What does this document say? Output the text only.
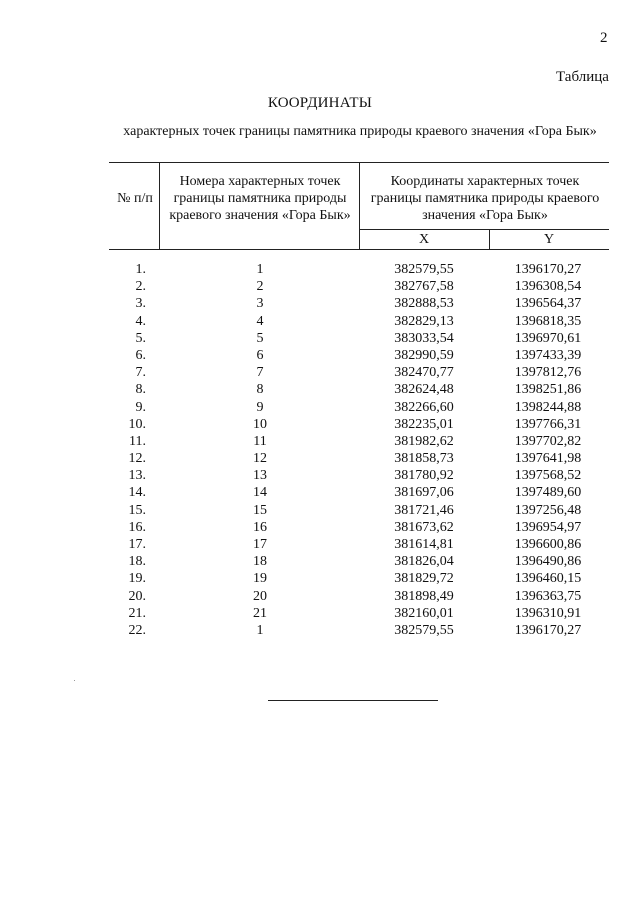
2
Таблица
КООРДИНАТЫ
характерных точек границы памятника природы краевого значения «Гора Бык»
№ п/п
Номера характерных точек границы памятника природы краевого значения «Гора Бык»
Координаты характерных точек границы памятника природы краевого значения «Гора Бык»
X	Y
1.	1	382579,55	1396170,27
2.	2	382767,58	1396308,54
3.	3	382888,53	1396564,37
4.	4	382829,13	1396818,35
5.	5	383033,54	1396970,61
6.	6	382990,59	1397433,39
7.	7	382470,77	1397812,76
8.	8	382624,48	1398251,86
9.	9	382266,60	1398244,88
10.	10	382235,01	1397766,31
11.	11	381982,62	1397702,82
12.	12	381858,73	1397641,98
13.	13	381780,92	1397568,52
14.	14	381697,06	1397489,60
15.	15	381721,46	1397256,48
16.	16	381673,62	1396954,97
17.	17	381614,81	1396600,86
18.	18	381826,04	1396490,86
19.	19	381829,72	1396460,15
20.	20	381898,49	1396363,75
21.	21	382160,01	1396310,91
22.	1	382579,55	1396170,27
